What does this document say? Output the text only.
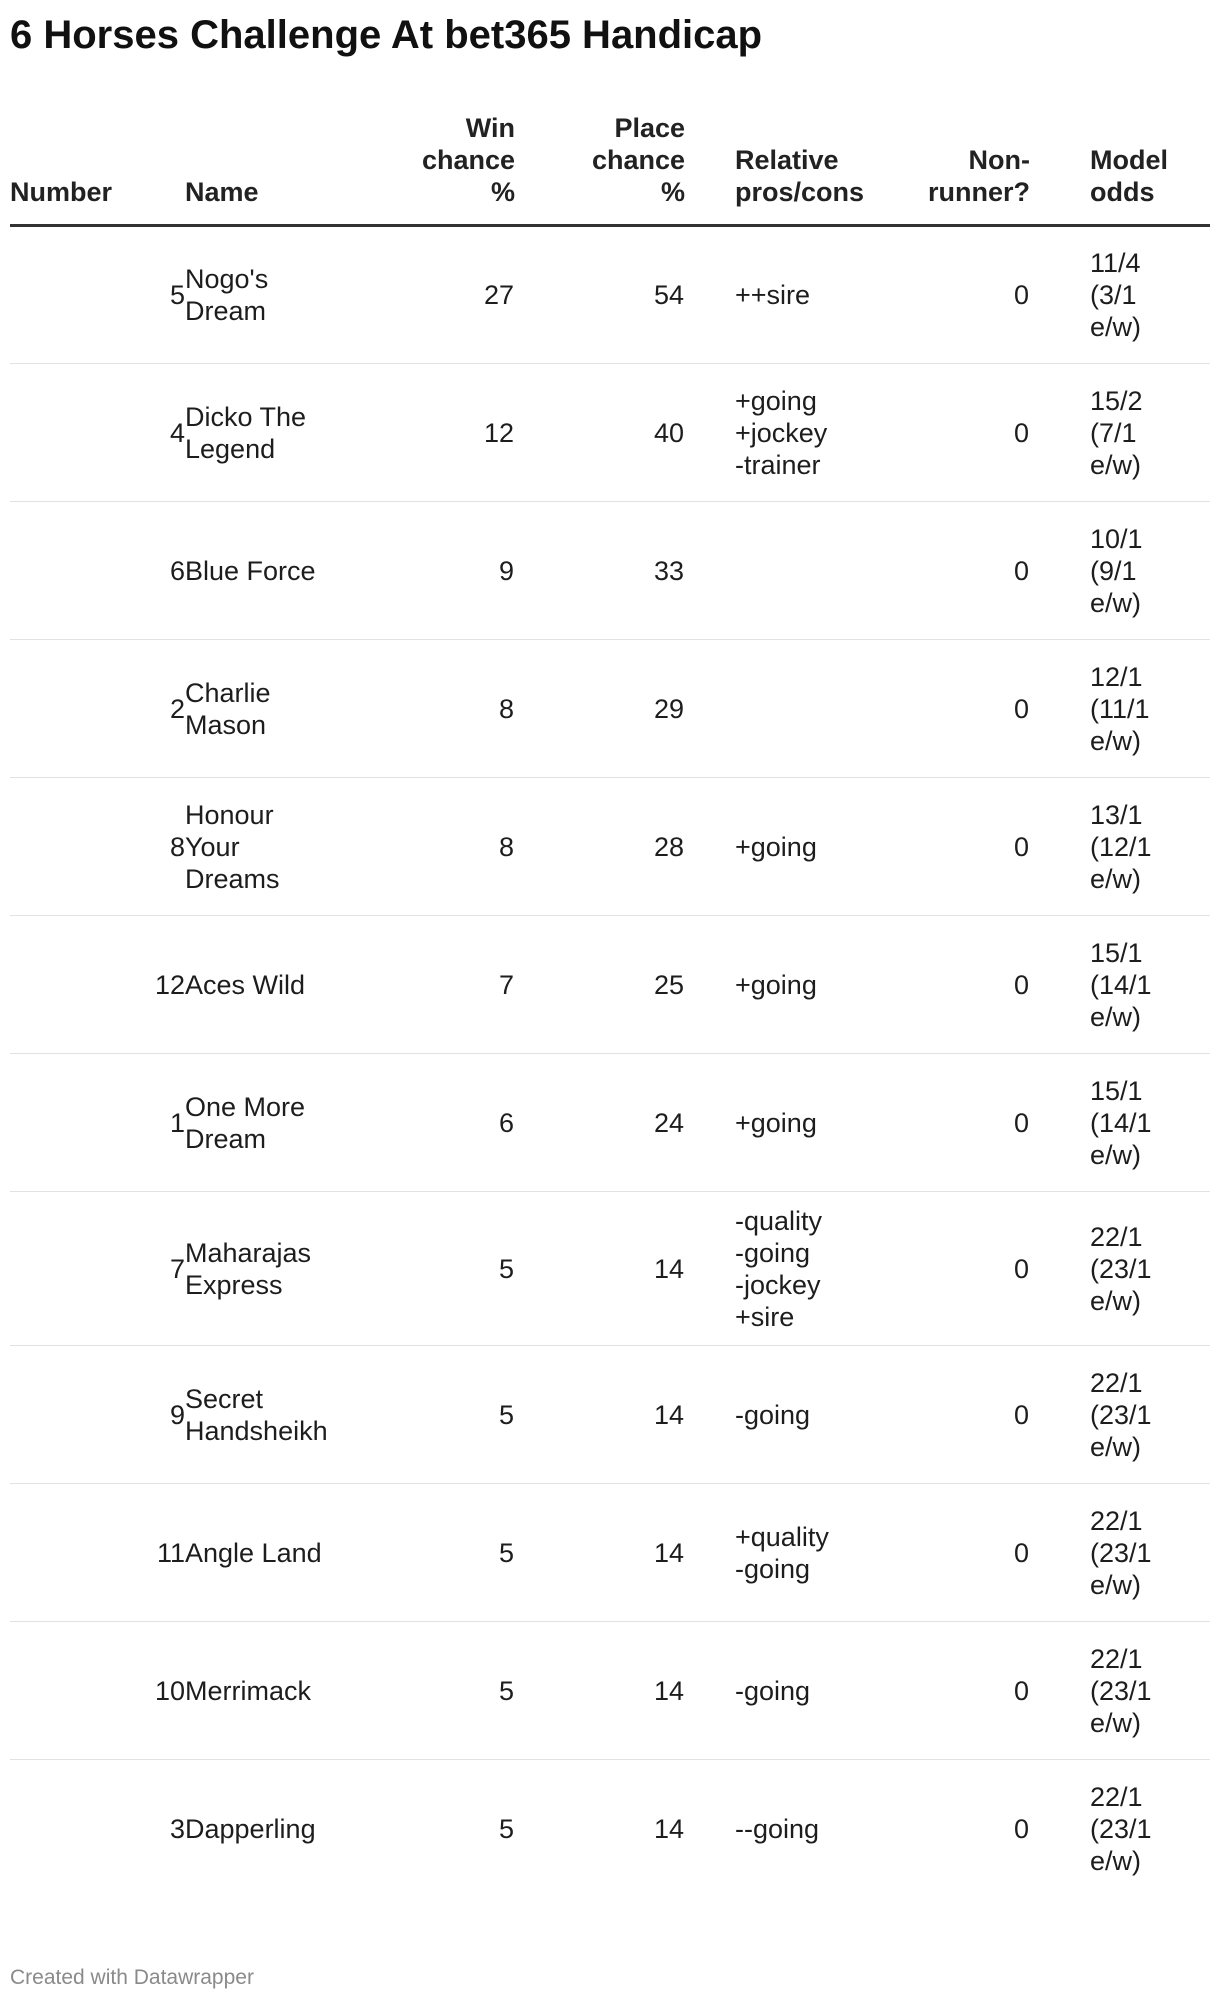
6 Horses Challenge At bet365 Handicap
Number	Name	Win
chance
%	Place
chance
%	Relative
pros/cons	Non-
runner?	Model
odds
5	Nogo's
Dream	27	54	++sire	0	11/4
(3/1
e/w)
4	Dicko The
Legend	12	40	+going
+jockey
-trainer	0	15/2
(7/1
e/w)
6	Blue Force	9	33		0	10/1
(9/1
e/w)
2	Charlie
Mason	8	29		0	12/1
(11/1
e/w)
8	Honour
Your
Dreams	8	28	+going	0	13/1
(12/1
e/w)
12	Aces Wild	7	25	+going	0	15/1
(14/1
e/w)
1	One More
Dream	6	24	+going	0	15/1
(14/1
e/w)
7	Maharajas
Express	5	14	-quality
-going
-jockey
+sire	0	22/1
(23/1
e/w)
9	Secret
Handsheikh	5	14	-going	0	22/1
(23/1
e/w)
11	Angle Land	5	14	+quality
-going	0	22/1
(23/1
e/w)
10	Merrimack	5	14	-going	0	22/1
(23/1
e/w)
3	Dapperling	5	14	--going	0	22/1
(23/1
e/w)
Created with Datawrapper
